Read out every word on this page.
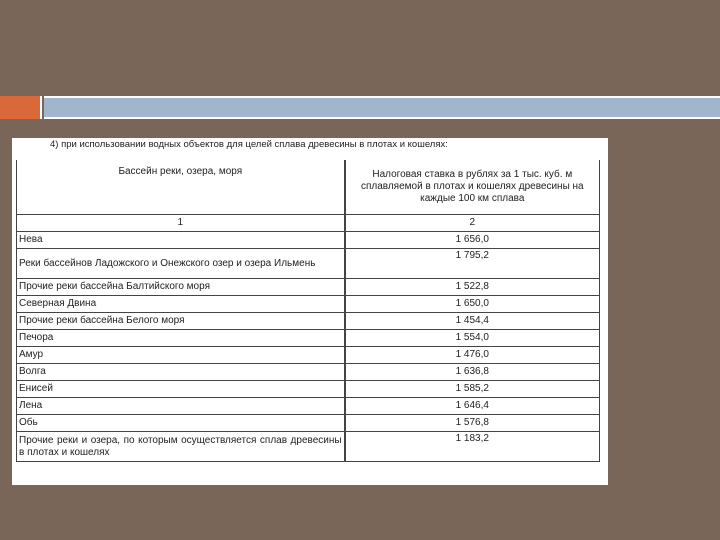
4) при использовании водных объектов для целей сплава древесины в плотах и кошелях:
Бассейн реки, озера, моря	Налоговая ставка в рублях за 1 тыс. куб. м сплавляемой в плотах и кошелях древесины на каждые 100 км сплава
1	2
Нева	1 656,0
Реки бассейнов Ладожского и Онежского озер и озера Ильмень	1 795,2
Прочие реки бассейна Балтийского моря	1 522,8
Северная Двина	1 650,0
Прочие реки бассейна Белого моря	1 454,4
Печора	1 554,0
Амур	1 476,0
Волга	1 636,8
Енисей	1 585,2
Лена	1 646,4
Обь	1 576,8
Прочие реки и озера, по которым осуществляется сплав древесины в плотах и кошелях	1 183,2
